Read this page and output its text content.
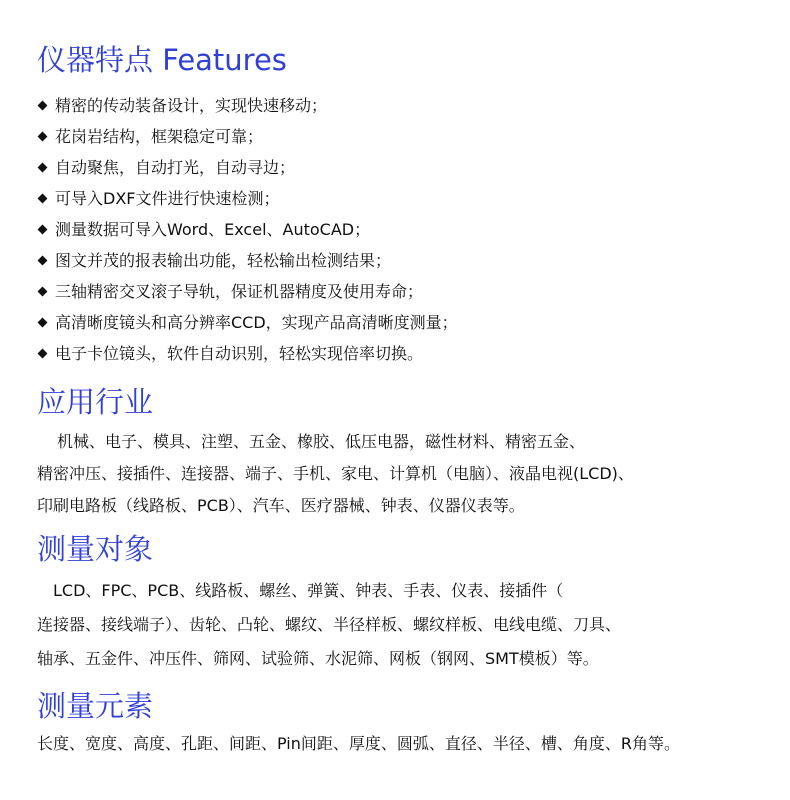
仪器特点 Features
精密的传动装备设计，实现快速移动；
花岗岩结构，框架稳定可靠；
自动聚焦，自动打光，自动寻边；
可导入DXF文件进行快速检测；
测量数据可导入Word、Excel、AutoCAD；
图文并茂的报表输出功能，轻松输出检测结果；
三轴精密交叉滚子导轨，保证机器精度及使用寿命；
高清晰度镜头和高分辨率CCD，实现产品高清晰度测量；
电子卡位镜头，软件自动识别，轻松实现倍率切换。
应用行业
机械、电子、模具、注塑、五金、橡胶、低压电器，磁性材料、精密五金、
精密冲压、接插件、连接器、端子、手机、家电、计算机（电脑）、液晶电视(LCD)、
印刷电路板（线路板、PCB）、汽车、医疗器械、钟表、仪器仪表等。
测量对象
LCD、FPC、PCB、线路板、螺丝、弹簧、钟表、手表、仪表、接插件（
连接器、接线端子）、齿轮、凸轮、螺纹、半径样板、螺纹样板、电线电缆、刀具、
轴承、五金件、冲压件、筛网、试验筛、水泥筛、网板（钢网、SMT模板）等。
测量元素
长度、宽度、高度、孔距、间距、Pin间距、厚度、圆弧、直径、半径、槽、角度、R角等。
